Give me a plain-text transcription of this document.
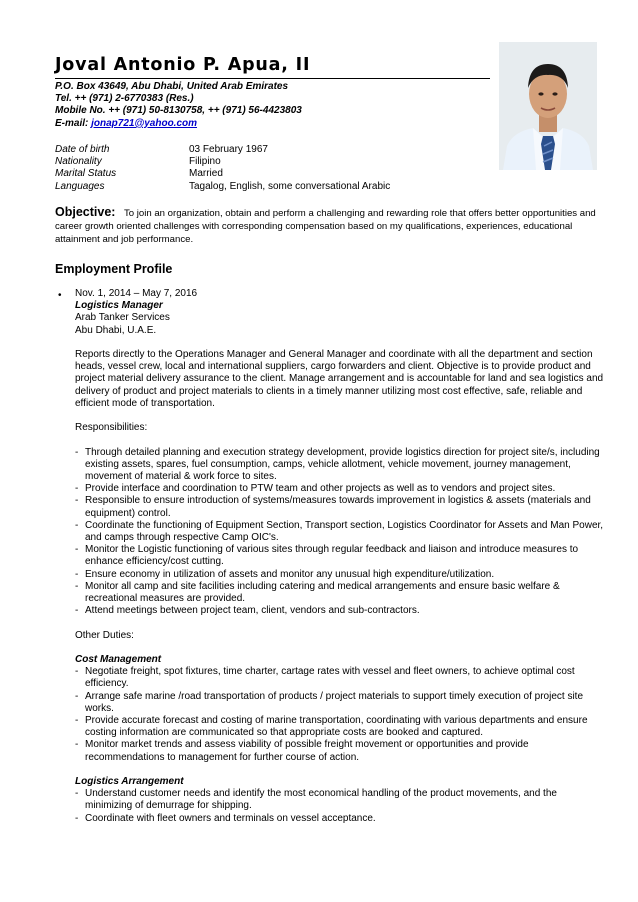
Joval Antonio P. Apua, II
P.O. Box 43649, Abu Dhabi, United Arab Emirates
Tel. ++ (971) 2-6770383 (Res.)
Mobile No. ++ (971) 50-8130758, ++ (971) 56-4423803
E-mail: jonap721@yahoo.com
Date of birth	03 February 1967
Nationality	Filipino
Marital Status	Married
Languages	Tagalog, English, some conversational Arabic
Objective: To join an organization, obtain and perform a challenging and rewarding role that offers better opportunities and career growth oriented challenges with corresponding compensation based on my qualifications, experiences, educational attainment and job performance.
Employment Profile
• Nov. 1, 2014 – May 7, 2016

Logistics Manager

Arab Tanker Services

Abu Dhabi, U.A.E.

Reports directly to the Operations Manager and General Manager and coordinate with all the department and section heads, vessel crew, local and international suppliers, cargo forwarders and client. Objective is to provide product and project material delivery assurance to the client. Manage arrangement and is accountable for land and sea logistics and delivery of product and project materials to clients in a timely manner utilizing most cost effective, safe, reliable and efficient mode of transportation.

Responsibilities:

- Through detailed planning and execution strategy development, provide logistics direction for project site/s, including existing assets, spares, fuel consumption, camps, vehicle allotment, vehicle movement, journey management, movement of material & work force to sites.
- Provide interface and coordination to PTW team and other projects as well as to vendors and project sites.
- Responsible to ensure introduction of systems/measures towards improvement in logistics & assets (materials and equipment) control.
- Coordinate the functioning of Equipment Section, Transport section, Logistics Coordinator for Assets and Man Power, and camps through respective Camp OIC's.
- Monitor the Logistic functioning of various sites through regular feedback and liaison and introduce measures to enhance efficiency/cost cutting.
- Ensure economy in utilization of assets and monitor any unusual high expenditure/utilization.
- Monitor all camp and site facilities including catering and medical arrangements and ensure basic welfare & recreational measures are provided.
- Attend meetings between project team, client, vendors and sub-contractors.

Other Duties:

Cost Management

- Negotiate freight, spot fixtures, time charter, cartage rates with vessel and fleet owners, to achieve optimal cost efficiency.
- Arrange safe marine /road transportation of products / project materials to support timely execution of project site works.
- Provide accurate forecast and costing of marine transportation, coordinating with various departments and ensure costing information are communicated so that appropriate costs are booked and captured.
- Monitor market trends and assess viability of possible freight movement or opportunities and provide recommendations to management for further course of action.

Logistics Arrangement

- Understand customer needs and identify the most economical handling of the product movements, and the minimizing of demurrage for shipping.
- Coordinate with fleet owners and terminals on vessel acceptance.
